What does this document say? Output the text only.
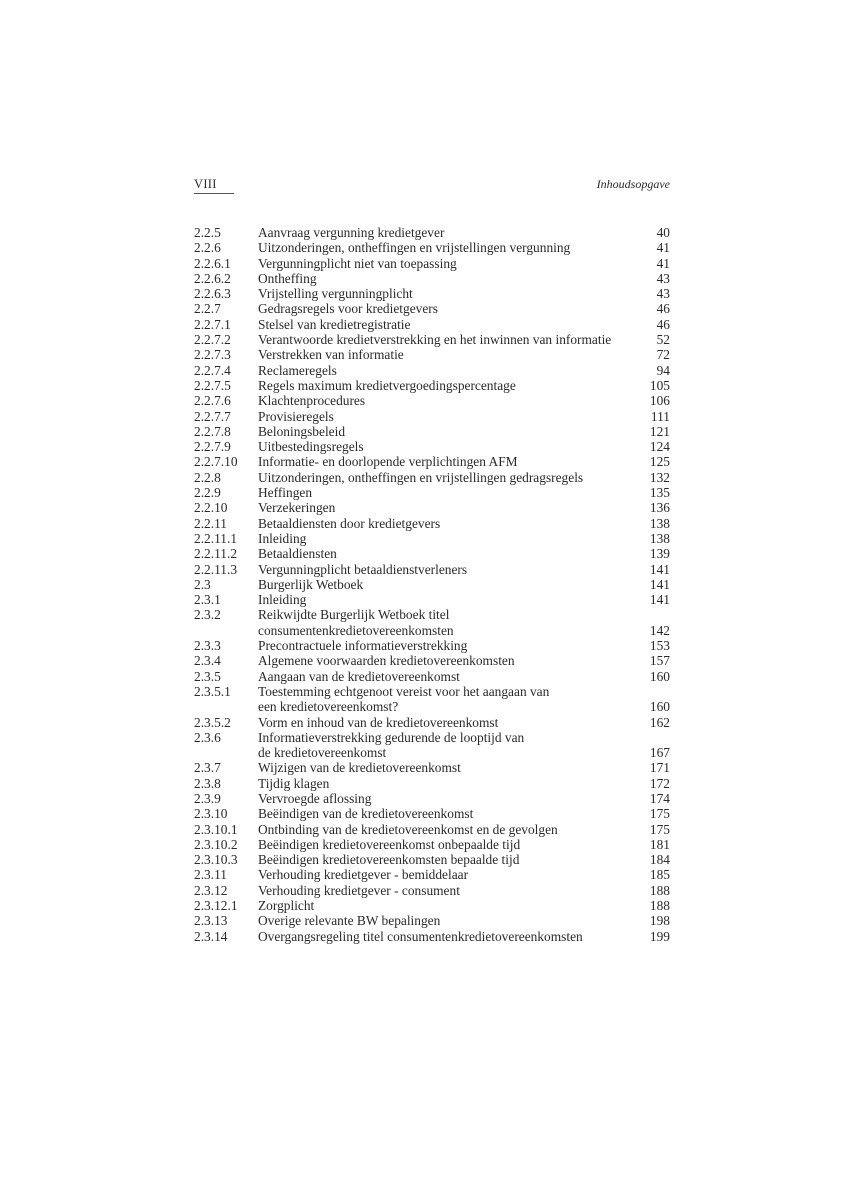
VIII	Inhoudsopgave
2.2.5	Aanvraag vergunning kredietgever	40
2.2.6	Uitzonderingen, ontheffingen en vrijstellingen vergunning	41
2.2.6.1	Vergunningplicht niet van toepassing	41
2.2.6.2	Ontheffing	43
2.2.6.3	Vrijstelling vergunningplicht	43
2.2.7	Gedragsregels voor kredietgevers	46
2.2.7.1	Stelsel van kredietregistratie	46
2.2.7.2	Verantwoorde kredietverstrekking en het inwinnen van informatie	52
2.2.7.3	Verstrekken van informatie	72
2.2.7.4	Reclameregels	94
2.2.7.5	Regels maximum kredietvergoedingspercentage	105
2.2.7.6	Klachtenprocedures	106
2.2.7.7	Provisieregels	111
2.2.7.8	Beloningsbeleid	121
2.2.7.9	Uitbestedingsregels	124
2.2.7.10	Informatie- en doorlopende verplichtingen AFM	125
2.2.8	Uitzonderingen, ontheffingen en vrijstellingen gedragsregels	132
2.2.9	Heffingen	135
2.2.10	Verzekeringen	136
2.2.11	Betaaldiensten door kredietgevers	138
2.2.11.1	Inleiding	138
2.2.11.2	Betaaldiensten	139
2.2.11.3	Vergunningplicht betaaldienstverleners	141
2.3	Burgerlijk Wetboek	141
2.3.1	Inleiding	141
2.3.2	Reikwijdte Burgerlijk Wetboek titel
consumentenkredietovereenkomsten	142
2.3.3	Precontractuele informatieverstrekking	153
2.3.4	Algemene voorwaarden kredietovereenkomsten	157
2.3.5	Aangaan van de kredietovereenkomst	160
2.3.5.1	Toestemming echtgenoot vereist voor het aangaan van
een kredietovereenkomst?	160
2.3.5.2	Vorm en inhoud van de kredietovereenkomst	162
2.3.6	Informatieverstrekking gedurende de looptijd van
de kredietovereenkomst	167
2.3.7	Wijzigen van de kredietovereenkomst	171
2.3.8	Tijdig klagen	172
2.3.9	Vervroegde aflossing	174
2.3.10	Beëindigen van de kredietovereenkomst	175
2.3.10.1	Ontbinding van de kredietovereenkomst en de gevolgen	175
2.3.10.2	Beëindigen kredietovereenkomst onbepaalde tijd	181
2.3.10.3	Beëindigen kredietovereenkomsten bepaalde tijd	184
2.3.11	Verhouding kredietgever - bemiddelaar	185
2.3.12	Verhouding kredietgever - consument	188
2.3.12.1	Zorgplicht	188
2.3.13	Overige relevante BW bepalingen	198
2.3.14	Overgangsregeling titel consumentenkredietovereenkomsten	199
